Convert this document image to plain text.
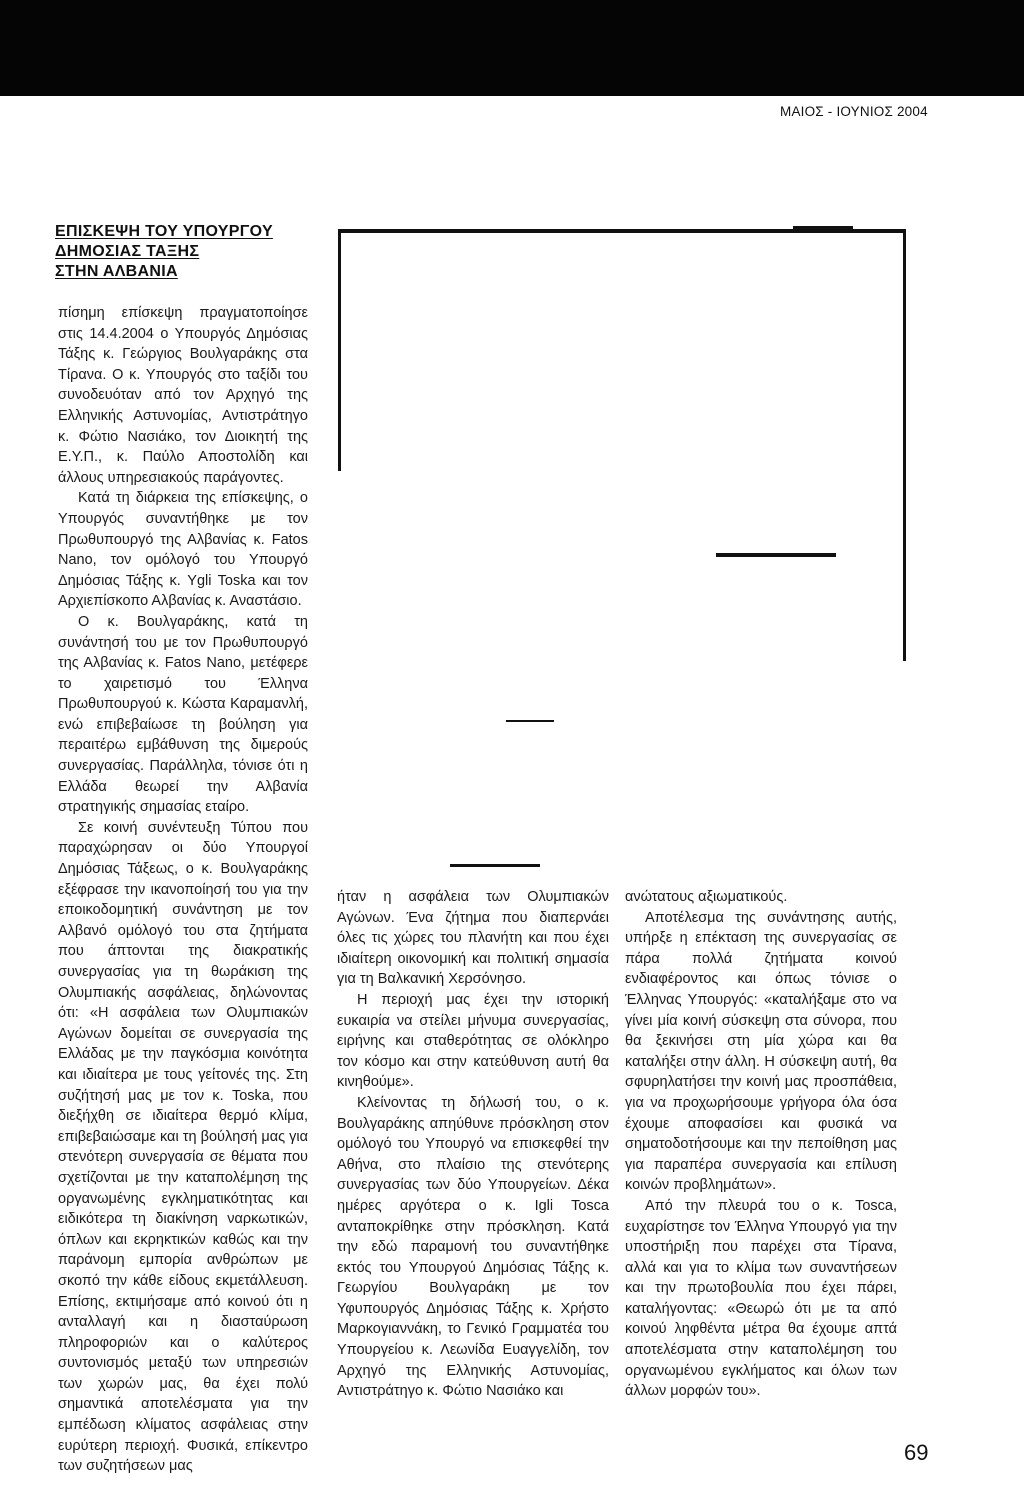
ΜΑΙΟΣ - ΙΟΥΝΙΟΣ 2004
ΕΠΙΣΚΕΨΗ ΤΟΥ ΥΠΟΥΡΓΟΥ
ΔΗΜΟΣΙΑΣ ΤΑΞΗΣ
ΣΤΗΝ ΑΛΒΑΝΙΑ

πίσημη επίσκεψη πραγματοποίησε στις 14.4.2004 ο Υπουργός Δημόσιας Τάξης κ. Γεώργιος Βουλγαράκης στα Τίρανα. Ο κ. Υπουργός στο ταξίδι του συνοδευόταν από τον Αρχηγό της Ελληνικής Αστυνομίας, Αντιστράτηγο κ. Φώτιο Νασιάκο, τον Διοικητή της Ε.Υ.Π., κ. Παύλο Αποστολίδη και άλλους υπηρεσιακούς παράγοντες.

Κατά τη διάρκεια της επίσκεψης, ο Υπουργός συναντήθηκε με τον Πρωθυπουργό της Αλβανίας κ. Fatos Nano, τον ομόλογό του Υπουργό Δημόσιας Τάξης κ. Ygli Toska και τον Αρχιεπίσκοπο Αλβανίας κ. Αναστάσιο.

Ο κ. Βουλγαράκης, κατά τη συνάντησή του με τον Πρωθυπουργό της Αλβανίας κ. Fatos Nano, μετέφερε το χαιρετισμό του Έλληνα Πρωθυπουργού κ. Κώστα Καραμανλή, ενώ επιβεβαίωσε τη βούληση για περαιτέρω εμβάθυνση της διμερούς συνεργασίας. Παράλληλα, τόνισε ότι η Ελλάδα θεωρεί την Αλβανία στρατηγικής σημασίας εταίρο.

Σε κοινή συνέντευξη Τύπου που παραχώρησαν οι δύο Υπουργοί Δημόσιας Τάξεως, ο κ. Βουλγαράκης εξέφρασε την ικανοποίησή του για την εποικοδομητική συνάντηση με τον Αλβανό ομόλογό του στα ζητήματα που άπτονται της διακρατικής συνεργασίας για τη θωράκιση της Ολυμπιακής ασφάλειας, δηλώνοντας ότι: «Η ασφάλεια των Ολυμπιακών Αγώνων δομείται σε συνεργασία της Ελλάδας με την παγκόσμια κοινότητα και ιδιαίτερα με τους γείτονές της. Στη συζήτησή μας με τον κ. Toska, που διεξήχθη σε ιδιαίτερα θερμό κλίμα, επιβεβαιώσαμε και τη βούλησή μας για στενότερη συνεργασία σε θέματα που σχετίζονται με την καταπολέμηση της οργανωμένης εγκληματικότητας και ειδικότερα τη διακίνηση ναρκωτικών, όπλων και εκρηκτικών καθώς και την παράνομη εμπορία ανθρώπων με σκοπό την κάθε είδους εκμετάλλευση. Επίσης, εκτιμήσαμε από κοινού ότι η ανταλλαγή και η διασταύρωση πληροφοριών και ο καλύτερος συντονισμός μεταξύ των υπηρεσιών των χωρών μας, θα έχει πολύ σημαντικά αποτελέσματα για την εμπέδωση κλίματος ασφάλειας στην ευρύτερη περιοχή. Φυσικά, επίκεντρο των συζητήσεων μας

ήταν η ασφάλεια των Ολυμπιακών Αγώνων. Ένα ζήτημα που διαπερνάει όλες τις χώρες του πλανήτη και που έχει ιδιαίτερη οικονομική και πολιτική σημασία για τη Βαλκανική Χερσόνησο.

Η περιοχή μας έχει την ιστορική ευκαιρία να στείλει μήνυμα συνεργασίας, ειρήνης και σταθερότητας σε ολόκληρο τον κόσμο και στην κατεύθυνση αυτή θα κινηθούμε».

Κλείνοντας τη δήλωσή του, ο κ. Βουλγαράκης απηύθυνε πρόσκληση στον ομόλογό του Υπουργό να επισκεφθεί την Αθήνα, στο πλαίσιο της στενότερης συνεργασίας των δύο Υπουργείων. Δέκα ημέρες αργότερα ο κ. Igli Tosca ανταποκρίθηκε στην πρόσκληση. Κατά την εδώ παραμονή του συναντήθηκε εκτός του Υπουργού Δημόσιας Τάξης κ. Γεωργίου Βουλγαράκη με τον Υφυπουργός Δημόσιας Τάξης κ. Χρήστο Μαρκογιαννάκη, το Γενικό Γραμματέα του Υπουργείου κ. Λεωνίδα Ευαγγελίδη, τον Αρχηγό της Ελληνικής Αστυνομίας, Αντιστράτηγο κ. Φώτιο Νασιάκο και

ανώτατους αξιωματικούς.

Αποτέλεσμα της συνάντησης αυτής, υπήρξε η επέκταση της συνεργασίας σε πάρα πολλά ζητήματα κοινού ενδιαφέροντος και όπως τόνισε ο Έλληνας Υπουργός: «καταλήξαμε στο να γίνει μία κοινή σύσκεψη στα σύνορα, που θα ξεκινήσει στη μία χώρα και θα καταλήξει στην άλλη. Η σύσκεψη αυτή, θα σφυρηλατήσει την κοινή μας προσπάθεια, για να προχωρήσουμε γρήγορα όλα όσα έχουμε αποφασίσει και φυσικά να σηματοδοτήσουμε και την πεποίθηση μας για παραπέρα συνεργασία και επίλυση κοινών προβλημάτων».

Από την πλευρά του ο κ. Tosca, ευχαρίστησε τον Έλληνα Υπουργό για την υποστήριξη που παρέχει στα Τίρανα, αλλά και για το κλίμα των συναντήσεων και την πρωτοβουλία που έχει πάρει, καταλήγοντας: «Θεωρώ ότι με τα από κοινού ληφθέντα μέτρα θα έχουμε απτά αποτελέσματα στην καταπολέμηση του οργανωμένου εγκλήματος και όλων των άλλων μορφών του».

69
